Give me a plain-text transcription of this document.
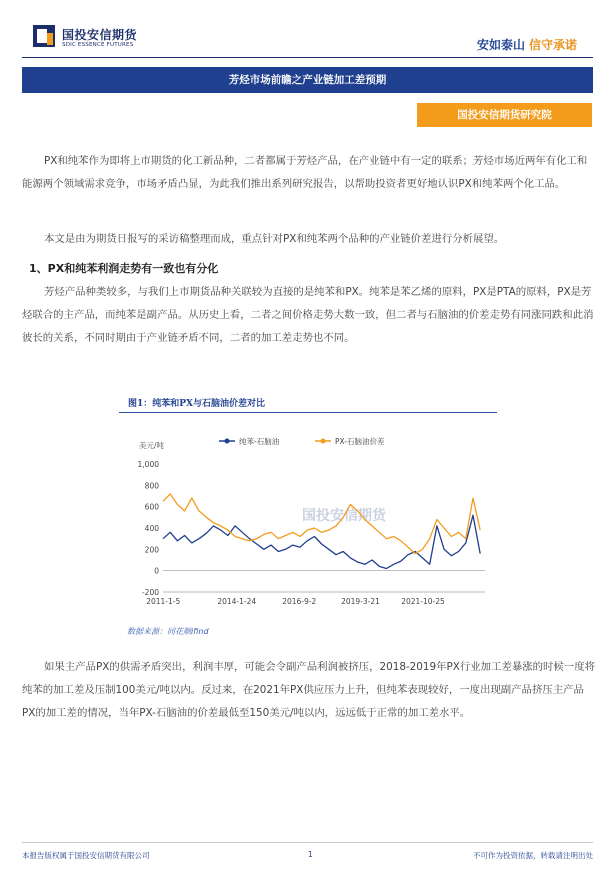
国投安信期货
SDIC ESSENCE FUTURES	安如泰山 信守承诺
芳烃市场前瞻之产业链加工差预期
国投安信期货研究院

PX和纯苯作为即将上市期货的化工新品种，二者都属于芳烃产品，在产业链中有一定的联系；芳烃市场近两年有化工和能源两个领域需求竞争，市场矛盾凸显，为此我们推出系列研究报告，以帮助投资者更好地认识PX和纯苯两个化工品。

本文是由为期货日报写的采访稿整理而成，重点针对PX和纯苯两个品种的产业链价差进行分析展望。

1、PX和纯苯利润走势有一致也有分化

芳烃产品种类较多，与我们上市期货品种关联较为直接的是纯苯和PX。纯苯是苯乙烯的原料，PX是PTA的原料，PX是芳烃联合的主产品，而纯苯是副产品。从历史上看，二者之间价格走势大数一致，但二者与石脑油的价差走势有同涨同跌和此消彼长的关系，不同时期由于产业链矛盾不同，二者的加工差走势也不同。

图1：纯苯和PX与石脑油价差对比
国投安信期货
美元/吨	纯苯-石脑油	PX-石脑油价差
-200
0
200
400
600
800
1,000
2011-1-5	2014-1-24	2016-9-2	2019-3-21	2021-10-25
数据来源：同花顺ifind

如果主产品PX的供需矛盾突出，利润丰厚，可能会令副产品利润被挤压，2018-2019年PX行业加工差暴涨的时候一度将纯苯的加工差及压制100美元/吨以内。反过来，在2021年PX供应压力上升，但纯苯表现较好，一度出现副产品挤压主产品PX的加工差的情况，当年PX-石脑油的价差最低至150美元/吨以内，远远低于正常的加工差水平。

本报告版权属于国投安信期货有限公司	1	不可作为投资依据，转载请注明出处
